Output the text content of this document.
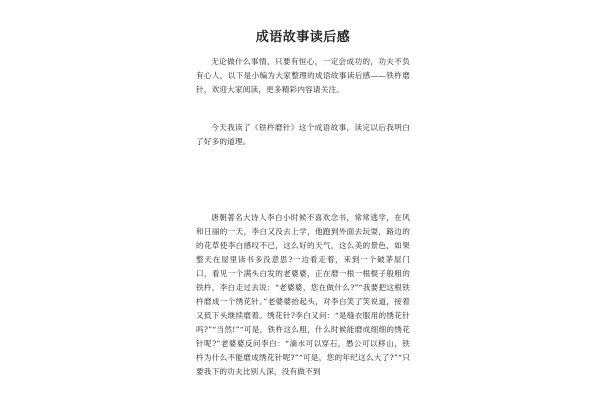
成语故事读后感

无论做什么事情，只要有恒心，一定会成功的，功夫不负有心人，以下是小编为大家整理的成语故事读后感——铁杵磨针，欢迎大家阅读，更多精彩内容请关注。

今天我读了《铁杵磨针》这个成语故事，读完以后我明白了好多的道理。

唐朝著名大诗人李白小时候不喜欢念书，常常逃学，在风和日丽的一天，李白又没去上学，他跑到外面去玩耍，路边的的花草使李白感叹不已，这么好的天气，这么美的景色，如果整天在屋里读书多没意思?一边看走着，来到一个破茅屋门口，看见一个满头白发的老婆婆，正在磨一根一根棍子般粗的铁杵，李白走过去说：“老婆婆，您在做什么?”“我要把这根铁杵磨成一个绣花针。”老婆婆抬起头，对李白笑了笑说道，接着又低下头继续磨着。绣花针?李白又问：“是缝衣服用的绣花针吗?”“当然!”“可是，铁杵这么粗，什么时候能磨成细细的绣花针呢?”老婆婆反问李白：“滴水可以穿石，愚公可以移山，铁杵为什么不能磨成绣花针呢?”“可是，您的年纪这么大了?”“只要我下的功夫比别人深，没有做不到
